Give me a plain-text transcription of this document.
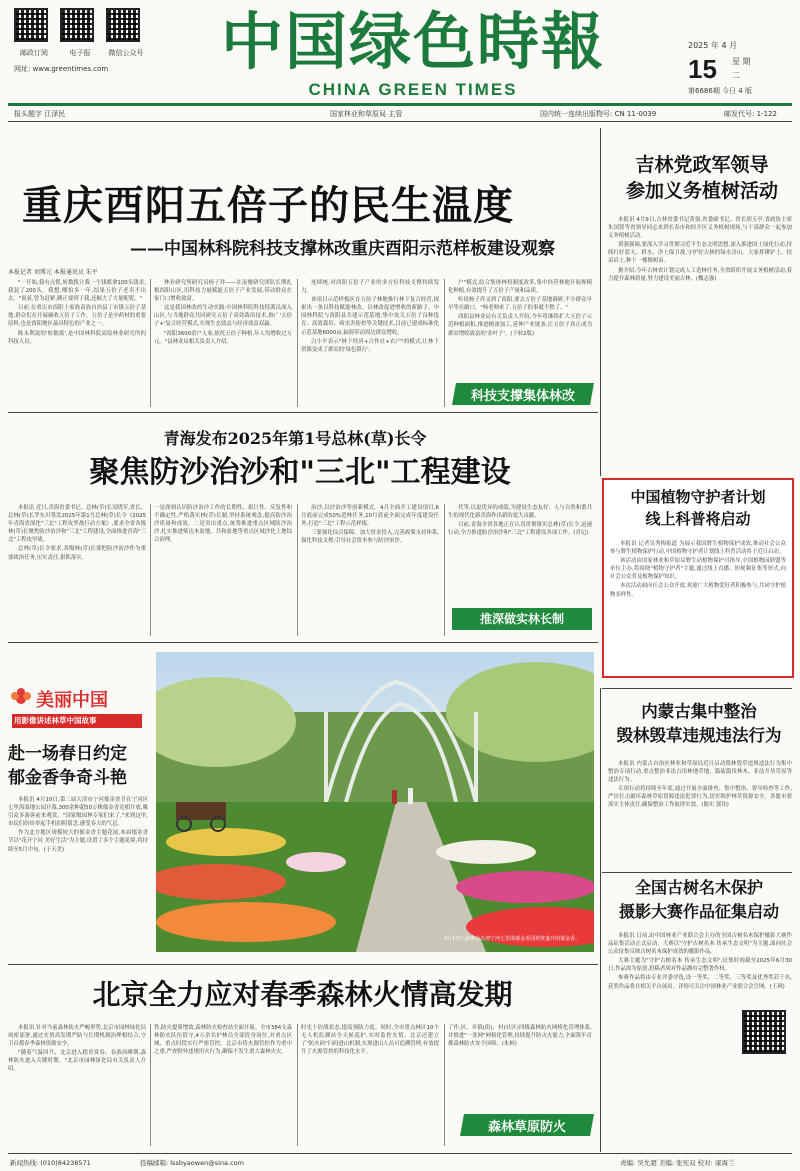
邮政订阅	电子报	微信公众号
网址: www.greentimes.com	中国绿色時報
CHINA GREEN TIMES
2025 年 4 月
15 星 期
二
第6686期 今日 4 版
报头题字 江泽民	国家林业和草原局 主管	国内统一连续出版物号: CN 11-0039	邮发代号: 1-122
重庆酉阳五倍子的民生温度
——中国林科院科技支撑林改重庆酉阳示范样板建设观察
本报记者 刘博元 本报通讯员 朱平

"一开始,我有点慌,转数拨让我一个钱都拿100头钱采,我装了200头。我想,哪怕多一年,结果五倍子老卖不出去。"说着,曾为赶紧,腾正要到了我,还握大了大量呢呢。"

日前,在重庆市酉阳土家族苗族自治县丁市镇五倍子基地,群众们在开展摘收五倍子工作。五倍子是中药材的重要原料,也是酉阳地区最具特色的产业之一。

陈永利说的'转数拨',是中国林科院高原林业研究所的科技人员。

林业研究所研究员杨子祥——在南俊研究团队长期扎根酉阳山区,用科技力量赋能五倍子产业发展,带动群众在家门口增收致富。

这是我国林改的生动实践:中国林科院科技特派员深入山区,与当地群众共同研究五倍子高效栽培技术,推广'五倍子+'复合经营模式,实现生态效益与经济效益双赢。

"酉阳3600余户人家,依托五倍子种植,年人均增收过万元。"县林业局相关负责人介绍。

连续统,对酉阳五倍子产业的多方位科技支撑持续发力。

该项目示范样板区在五倍子林地推行林下复合经营,探索出一条以科技赋能林改、以林改促进增收的新路子。中国林科院与酉阳县共建示范基地,集中攻关五倍子良种选育、高效栽培、病虫害防控等关键技术,目前已建成标准化示范基地6000亩,辐射带动周边群众增收。

白小平表示"林下经济+合作社+农户"的模式,让林下资源变成了群众的'绿色银行'。

户"模式,结合集体林权制度改革,集中经营林地开展规模化种植,有效提升了五倍子产量和品质。

听说杨子祥又到了酉阳,要去五倍子基地调研,不少群众早早等在路口。"杨老师来了,五倍子的事就不愁了。"

酉阳县林业局有关负责人介绍,今年将继续扩大五倍子示范种植面积,推进精深加工,延伸产业链条,让五倍子真正成为群众增收致富的'金叶子'。(下转2版)

科技支撑集体林改
吉林党政军领导
参加义务植树活动

本报讯 4月9日,吉林省委书记黄强,省委副书记、省长胡玉亭,省政协主席朱国贤等省领导同志来到长春市和经开区义务植树现场,与干部群众一起参加义务植树活动。

黄强强调,要深入学习贯彻习近平生态文明思想,深入推进国土绿化行动,持续打好蓝天、碧水、净土保卫战,守护好吉林的绿水青山。大家挥锹铲土、扶苗培土,种下一棵棵树苗。

据介绍,今年吉林省计划完成人工造林任务,全省组织开展义务植树活动,着力提升森林质量,努力建设美丽吉林。(魏志强)

青海发布2025年第1号总林(草)长令
聚焦防沙治沙和"三北"工程建设

本报讯 近日,青海省委书记、总林(草)长吴晓军,省长、总林(草)长罗东川签发2025年第1号总林(草)长令《2025年青海省深化"三北"工程攻坚战行动方案》,要求全省各级林(草)长聚焦防沙治沙和"三北"工程建设,全面推进青海"三北"工程攻坚战。

总林(草)长令要求,各级林(草)长要把防沙治沙作为重要政治任务,压实责任,狠抓落实。

一是深刻认识防沙治沙工作的长期性、艰巨性、反复性和不确定性,严格落实林(草)长制,坚持系统观念,提高防沙治沙质量和成效。二是突出重点,统筹推进重点区域防沙治沙,扎实推进柴达木盆地、共和盆地等重点区域沙化土地综合治理。

治沙,以沙治沙等创新模式。4月全面开工建设项目,6月底前完成50%造林任务,10月底前全面完成年度建设任务,打造"三北"工程示范样板。

三要强化综合保障。加大资金投入,完善政策支持体系,强化科技支撑,引导社会资本参与防沙治沙。

代等,以更优异的成绩,为建设生态友好、人与自然和谐共生的现代化新青海作出新的更大贡献。

目前,青海全省各地正在认真贯彻落实总林(草)长令,迅速行动,全力推进防沙治沙和"三北"工程建设各项工作。(青记)

推深做实林长制
中国植物守护者计划
线上科普将启动

本报讯 记者吴秀梅报道 为展示我国野生植物保护成效,推动社会公众参与野生植物保护行动,中国植物守护者计划线上科普活动将于近日启动。

该活动由国家林业和草原局野生动植物保护司指导,中国植物园联盟等单位主办,将围绕"植物守护者"主题,通过线上直播、短视频征集等形式,向社会公众普及植物保护知识。

本次活动面向社会公众开放,欢迎广大植物爱好者积极参与,共同守护植物多样性。

美丽中国
用影像讲述林草中国故事
赴一场春日约定
郁金香争奇斗艳

本报讯 4月10日,第三届天津市宁河郁金香节在宁河区七里海湿地公园开幕,300余种超50万株郁金香竞相开放,吸引众多游客前来观赏。"国家级园林专家们来了,"来到这里,市民们纷纷举起手机拍照留念,感受春天的气息。

作为北方地区规模较大的郁金香主题花展,本届郁金香节以"花开宁河 美好生活"为主题,设置了多个主题花境,将持续至5月中旬。(于天美)

4月10日,游客在天津宁河七里海郁金香园观赏盛开的郁金香。
内蒙古集中整治
毁林毁草违规违法行为

本报讯 内蒙古自治区林业和草原局近日启动毁林毁草违规违法行为集中整治专项行动,重点整治非法占用林地草地、滥砍滥伐林木、非法开垦草原等违法行为。

专项行动将持续至年底,通过开展全面排查、集中整治、督导检查等工作,严厉打击破坏森林草原资源违法犯罪行为,切实维护林草资源安全。各盟市要落实主体责任,确保整治工作取得实效。(陈实 郭伟)

全国古树名木保护
摄影大赛作品征集启动

本报讯 日前,由中国林业产业联合会主办的全国古树名木保护摄影大赛作品征集活动正式启动。大赛以"守护古树名木 传承生态文明"为主题,面向社会公众征集反映古树名木保护成效的摄影作品。

大赛主题为"守护古树名木 传承生态文明",征集时间截至2025年6月30日,作品需为原创,投稿者须对作品拥有完整著作权。

参赛作品将由专业评委评选,设一等奖、二等奖、三等奖及优秀奖若干名,获奖作品将在相关平台展出。详情可关注中国林业产业联合会官网。(王琪)

北京全力应对春季森林火情高发期

本报讯 针对当前森林防火严峻形势,北京市园林绿化局周密部署,通过火情高发期严防与长期机制治理相结合,守卫首都春季森林资源安全。

"随着气温回升、北京进入踏青赏春、春游高峰期,森林防火进入关键时期。"北京市园林绿化局有关负责人介绍。

铁,防火提质增效,森林防火检查站全面开展。全市384支森林防火队伍值守,4万余名护林员全部投身岗位,对重点区域、重点时段实行严密管控。北京市将火源管控作为重中之重,严查野外违规用火行为,确保不发生重大森林火灾。
时光十倍战状态,提高预防力度。同时,全市重点林区10个无人机监测站全天候巡护,实时监控火情。北京还建立了"防火码"扫码进山机制,实现进山人员可追溯管理,有效提升了火源管控的科技化水平。
了作,区、乡镇(街)、村(社区)四级森林防火网格化管理体系,并推进"一张网"网格化管理,持续提升防灭火能力,全面筑牢首都森林防火安全屏障。(朱柯)
森林草原防火
新闻热线: (010)84238571	投稿邮箱: lssbyaowen@sina.com	责编: 吴允超 美编: 张宪双 校对: 康海兰
